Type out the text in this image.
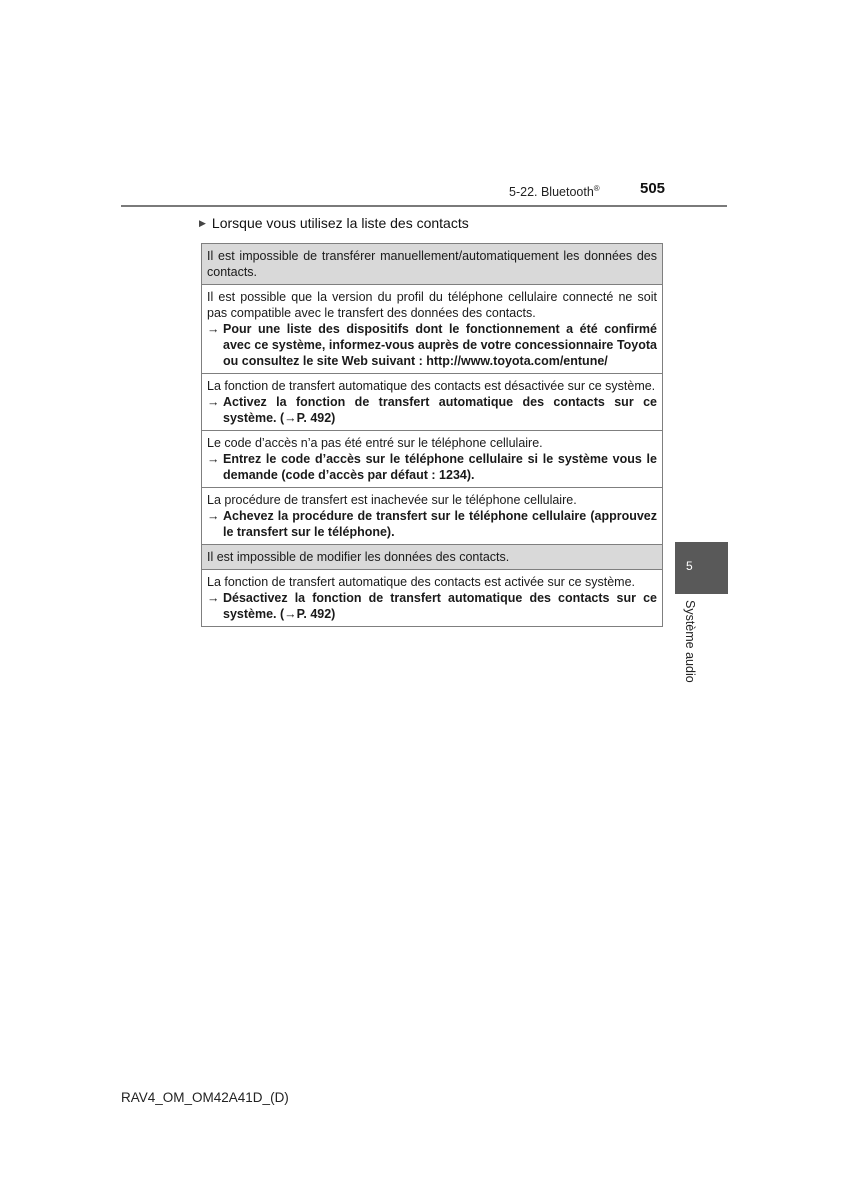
5-22. Bluetooth®	505
▶ Lorsque vous utilisez la liste des contacts
Il est impossible de transférer manuellement/automatiquement les données des contacts.

Il est possible que la version du profil du téléphone cellulaire connecté ne soit pas compatible avec le transfert des données des contacts.
→ Pour une liste des dispositifs dont le fonctionnement a été confirmé avec ce système, informez-vous auprès de votre concessionnaire Toyota ou consultez le site Web suivant : http://www.toyota.com/entune/

La fonction de transfert automatique des contacts est désactivée sur ce système.
→ Activez la fonction de transfert automatique des contacts sur ce système. (→P. 492)

Le code d’accès n’a pas été entré sur le téléphone cellulaire.
→ Entrez le code d’accès sur le téléphone cellulaire si le système vous le demande (code d’accès par défaut : 1234).

La procédure de transfert est inachevée sur le téléphone cellulaire.
→ Achevez la procédure de transfert sur le téléphone cellulaire (approuvez le transfert sur le téléphone).

Il est impossible de modifier les données des contacts.

La fonction de transfert automatique des contacts est activée sur ce système.
→ Désactivez la fonction de transfert automatique des contacts sur ce système. (→P. 492)
5
Système audio
RAV4_OM_OM42A41D_(D)
